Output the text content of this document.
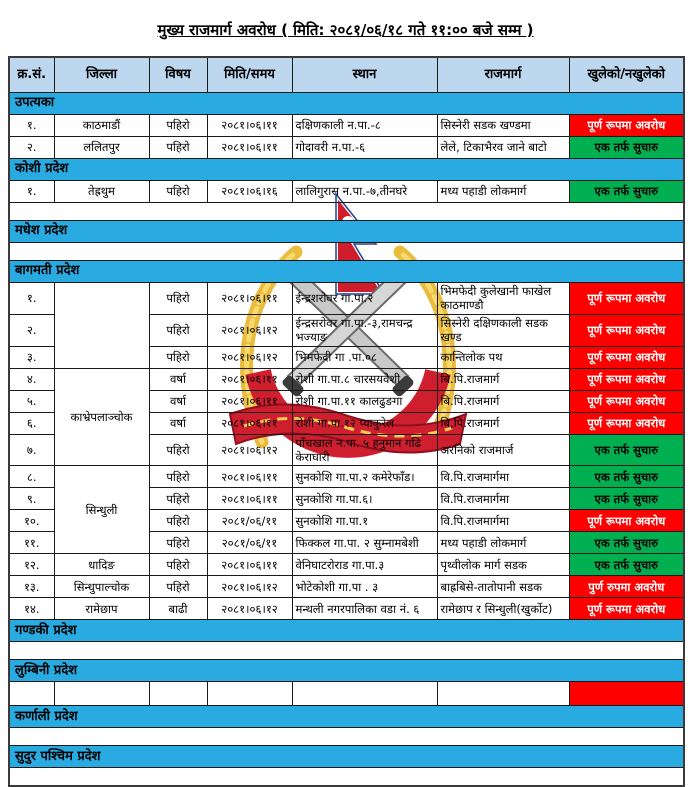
मुख्य राजमार्ग अवरोध ( मिति: २०८१/०६/१८ गते ११:०० बजे सम्म )
क्र.सं.	जिल्ला	विषय	मिति/समय	स्थान	राजमार्ग	खुलेको/नखुलेको
उपत्यका						
१.	काठमाडौं	पहिरो	२०८१।०६।११	दक्षिणकाली न.पा.-८	सिस्नेरी सडक खण्डमा	पूर्ण रूपमा अवरोध
२.	ललितपुर	पहिरो	२०८१।०६।११	गोदावरी न.पा.-६	लेले, टिकाभैरव जाने बाटो	एक तर्फ सुचारु
कोशी प्रदेश						
१.	तेह्रथुम	पहिरो	२०८१।०६।१६	लालिगुरास न.पा.-७,तीनघरे	मध्य पहाडी लोकमार्ग	एक तर्फ सुचारु

मधेश प्रदेश						

बागमती प्रदेश						
१.		पहिरो	२०८१।०६।११	ईन्द्रशरोवर गा.पा.२	भिमफेदी कुलेखानी फाखेल काठमाण्डौ	पूर्ण रूपमा अवरोध
२.		पहिरो	२०८१।०६।१२	ईन्द्रसरोवर गा.पा.-३,रामचन्द्र भज्याङ	सिस्नेरी दक्षिणकाली सडक खण्ड	पूर्ण रूपमा अवरोध
३.		पहिरो	२०८१।०६।१२	भिमफेदी गा .पा.०८	कान्तिलोक पथ	पूर्ण रूपमा अवरोध
४.	काभ्रेपलाञ्चोक	वर्षा	२०८१।०६।११	रोशी गा.पा.८ चारसयवेशी	बि.पि.राजमार्ग	पूर्ण रूपमा अवरोध
५.		वर्षा	२०८१।०६।११	रोशी गा.पा.११ कालढुङगा	बि.पि.राजमार्ग	पूर्ण रूपमा अवरोध
६.		वर्षा	२०८१।०६।११	रोशी गा.पा.१२ प्याकुरेल	बि,पि.राजमार्ग	पूर्ण रूपमा अवरोध
७.		पहिरो	२०८१।०६।१२	पाँचखाल न.पा. ५ हनुमान गढि केराघारी	अरनिको राजमार्ज	एक तर्फ सुचारु
८.	सिन्धुली	पहिरो	२०८१।०६।११	सुनकोशि गा.पा.२ कमेरेफाँड।	वि.पि.राजमार्गमा	एक तर्फ सुचारु
९.		पहिरो	२०८१।०६।११	सुनकोशि गा.पा.६।	वि.पि.राजमार्गमा	एक तर्फ सुचारु
१०.		पहिरो	२०८१/०६/११	सुनकोशि गा.पा.१	वि.पि.राजमार्गमा	पूर्ण रूपमा अवरोध
११.		पहिरो	२०८१/०६/११	फिक्कल गा.पा. २ सुम्नामबेशी	मध्य पहाडी लोकमार्ग	एक तर्फ सुचारु
१२.	धादिङ	पहिरो	२०८१।०६।११	वेनिघाटरोराड गा.पा.३	पृथ्वीलोक मार्ग सडक	एक तर्फ सुचारु
१३.	सिन्धुपाल्चोक	पहिरो	२०८१।०६।१२	भोटेकोशी गा.पा . ३	बाह्रबिसे-तातोपानी सडक	पुर्ण रुपमा अवरोध
१४.	रामेछाप	बाढी	२०८१।०६।१२	मन्थली नगरपालिका वडा नं. ६	रामेछाप र सिन्धुली(खुर्कोट)	पूर्ण रूपमा अवरोध
गण्डकी प्रदेश						

लुम्बिनी प्रदेश						

कर्णाली प्रदेश						

सुदुर पश्चिम प्रदेश						
